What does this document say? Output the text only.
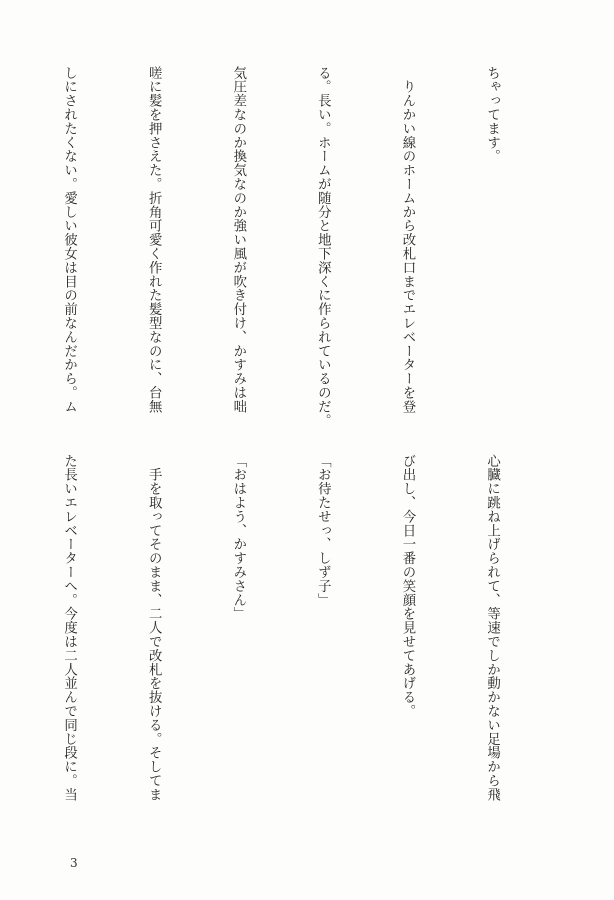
ちゃってます。

　りんかい線のホームから改札口までエレベーターを登

る。長い。ホームが随分と地下深くに作られているのだ。

気圧差なのか換気なのか強い風が吹き付け、かすみは咄

嗟に髪を押さえた。折角可愛く作れた髪型なのに、台無

しにされたくない。愛しい彼女は目の前なんだから。ム

心臓に跳ね上げられて、等速でしか動かない足場から飛

び出し、今日一番の笑顔を見せてあげる。

「お待たせっ、しず子」

「おはよう、かすみさん」

　手を取ってそのまま、二人で改札を抜ける。そしてま

た長いエレベーターへ。今度は二人並んで同じ段に。当

3
